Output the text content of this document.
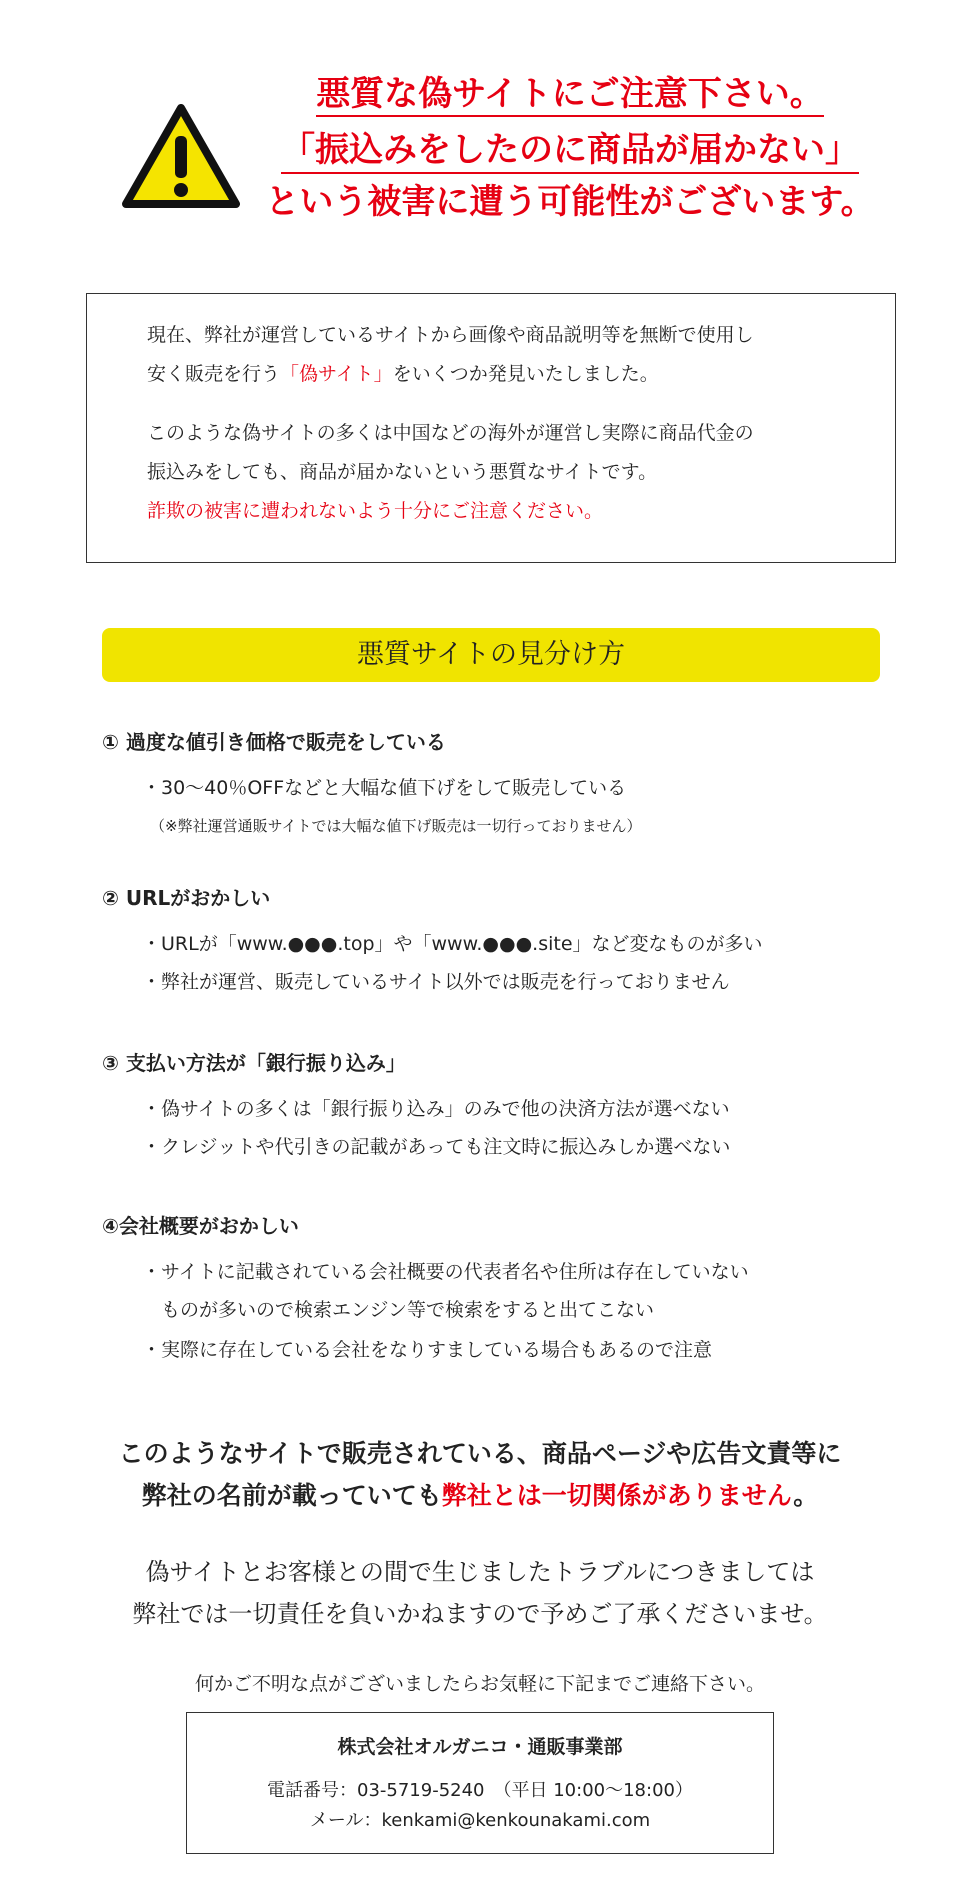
悪質な偽サイトにご注意下さい。
「振込みをしたのに商品が届かない」
という被害に遭う可能性がございます。

現在、弊社が運営しているサイトから画像や商品説明等を無断で使用し
安く販売を行う「偽サイト」をいくつか発見いたしました。

このような偽サイトの多くは中国などの海外が運営し実際に商品代金の
振込みをしても、商品が届かないという悪質なサイトです。
詐欺の被害に遭われないよう十分にご注意ください。

悪質サイトの見分け方
① 過度な値引き価格で販売をしている
・30～40％OFFなどと大幅な値下げをして販売している
（※弊社運営通販サイトでは大幅な値下げ販売は一切行っておりません）
② URLがおかしい
・URLが「www.●●●.top」や「www.●●●.site」など変なものが多い
・弊社が運営、販売しているサイト以外では販売を行っておりません
③ 支払い方法が「銀行振り込み」
・偽サイトの多くは「銀行振り込み」のみで他の決済方法が選べない
・クレジットや代引きの記載があっても注文時に振込みしか選べない
④会社概要がおかしい
・サイトに記載されている会社概要の代表者名や住所は存在していない
　ものが多いので検索エンジン等で検索をすると出てこない
・実際に存在している会社をなりすましている場合もあるので注意
このようなサイトで販売されている、商品ページや広告文責等に
弊社の名前が載っていても弊社とは一切関係がありません。
偽サイトとお客様との間で生じましたトラブルにつきましては
弊社では一切責任を負いかねますので予めご了承くださいませ。
何かご不明な点がございましたらお気軽に下記までご連絡下さい。
株式会社オルガニコ・通販事業部
電話番号：03-5719-5240　（平日 10:00～18:00）
メール：kenkami@kenkounakami.com
